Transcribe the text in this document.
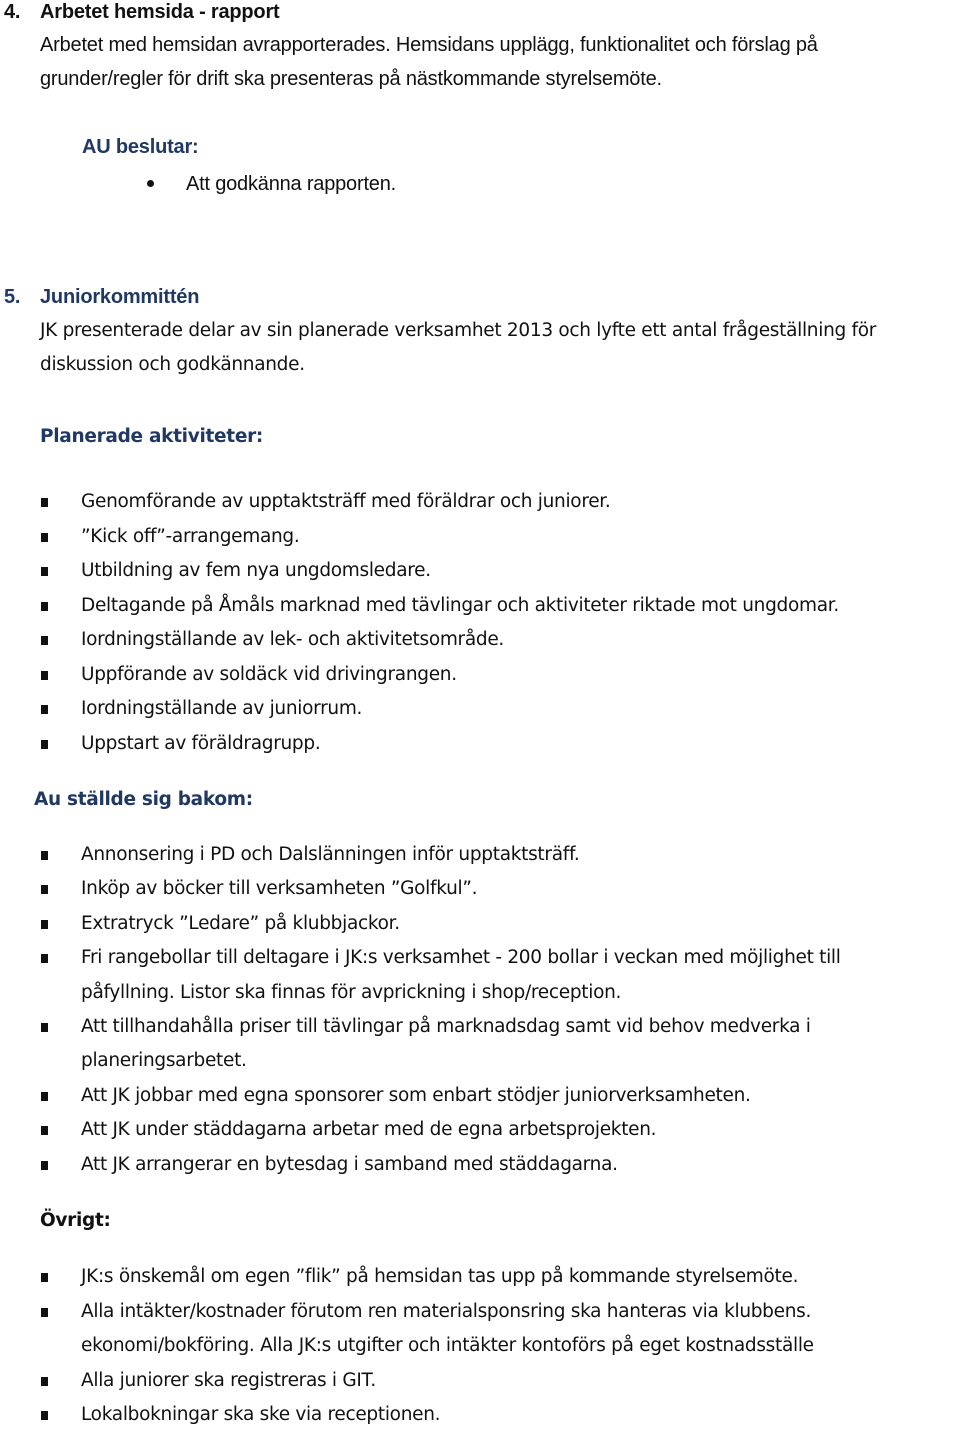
4. Arbetet hemsida - rapport
Arbetet med hemsidan avrapporterades. Hemsidans upplägg, funktionalitet och förslag på
grunder/regler för drift ska presenteras på nästkommande styrelsemöte.
AU beslutar:
Att godkänna rapporten.
5. Juniorkommittén
JK presenterade delar av sin planerade verksamhet 2013 och lyfte ett antal frågeställning för
diskussion och godkännande.
Planerade aktiviteter:
Genomförande av upptaktsträff med föräldrar och juniorer.
”Kick off”-arrangemang.
Utbildning av fem nya ungdomsledare.
Deltagande på Åmåls marknad med tävlingar och aktiviteter riktade mot ungdomar.
Iordningställande av lek- och aktivitetsområde.
Uppförande av soldäck vid drivingrangen.
Iordningställande av juniorrum.
Uppstart av föräldragrupp.
Au ställde sig bakom:
Annonsering i PD och Dalslänningen inför upptaktsträff.
Inköp av böcker till verksamheten ”Golfkul”.
Extratryck ”Ledare” på klubbjackor.
Fri rangebollar till deltagare i JK:s verksamhet - 200 bollar i veckan med möjlighet till
påfyllning. Listor ska finnas för avprickning i shop/reception.
Att tillhandahålla priser till tävlingar på marknadsdag samt vid behov medverka i
planeringsarbetet.
Att JK jobbar med egna sponsorer som enbart stödjer juniorverksamheten.
Att JK under städdagarna arbetar med de egna arbetsprojekten.
Att JK arrangerar en bytesdag i samband med städdagarna.
Övrigt:
JK:s önskemål om egen ”flik” på hemsidan tas upp på kommande styrelsemöte.
Alla intäkter/kostnader förutom ren materialsponsring ska hanteras via klubbens.
ekonomi/bokföring. Alla JK:s utgifter och intäkter kontoförs på eget kostnadsställe
Alla juniorer ska registreras i GIT.
Lokalbokningar ska ske via receptionen.
